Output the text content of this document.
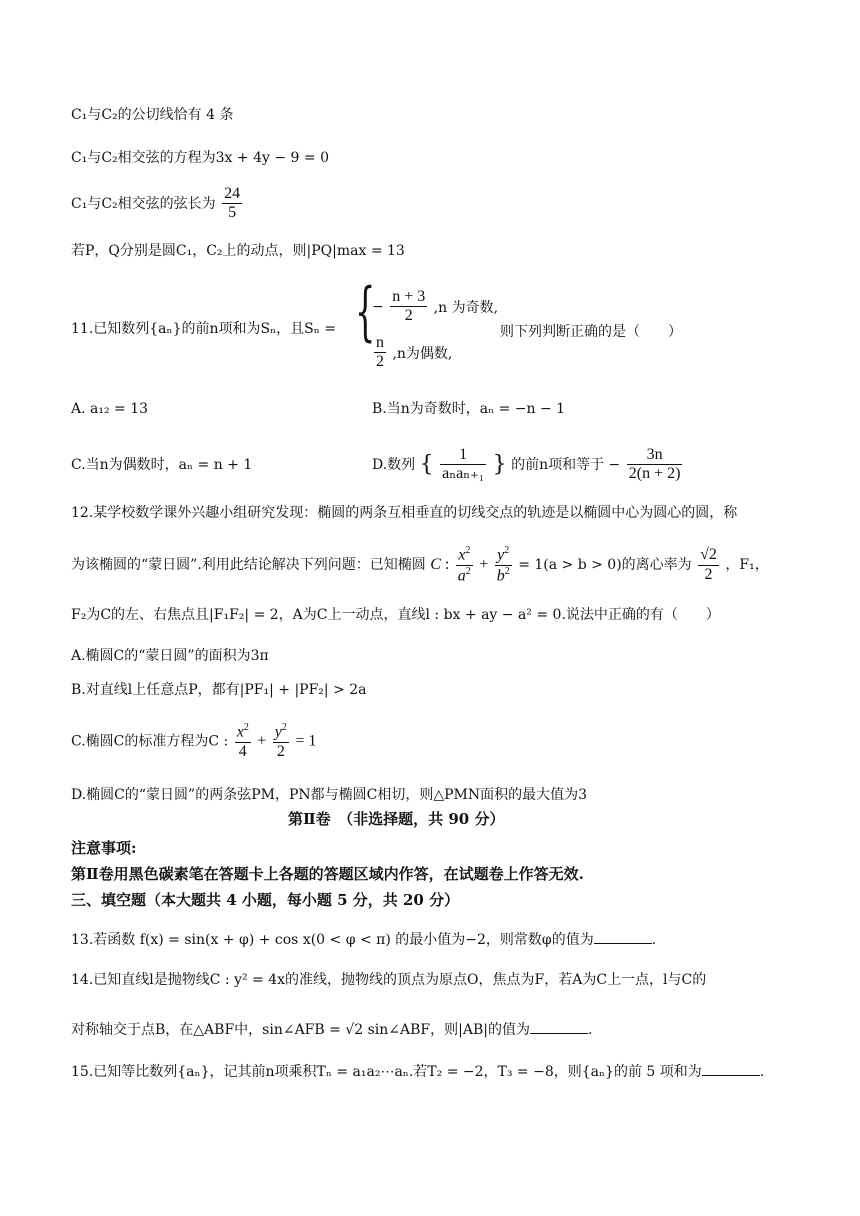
C₁与C₂的公切线恰有 4 条
C₁与C₂相交弦的方程为3x + 4y − 9 = 0
C₁与C₂相交弦的弦长为 $\frac{24}{5}$
若P，Q分别是圆C₁，C₂上的动点，则|PQ|max = 13
11.已知数列{aₙ}的前n项和为Sₙ，且Sₙ = {
− $\frac{n + 3}{2} ,n$ 为奇数,
$\frac{n}{2} ,n$为偶数,
则下列判断正确的是（　　）
A. a₁₂ = 13	B.当n为奇数时，aₙ = −n − 1
C.当n为偶数时，aₙ = n + 1	D.数列 { $\frac{1}{\text{aₙaₙ₊₁}}$ } 的前n项和等于 − $\frac{3n}{2(n + 2)}$
12.某学校数学课外兴趣小组研究发现：椭圆的两条互相垂直的切线交点的轨迹是以椭圆中心为圆心的圆，称
为该椭圆的“蒙日圆”.利用此结论解决下列问题：已知椭圆 C : $\frac{x^2}{a^2} + \frac{y^2}{b^2} = 1(a > b > 0)$的离心率为 $\frac{√2}{2}$ ，F₁，
F₂为C的左、右焦点且|F₁F₂| = 2，A为C上一动点，直线l : bx + ay − a² = 0.说法中正确的有（　　）
A.椭圆C的“蒙日圆”的面积为3π
B.对直线l上任意点P，都有|PF₁| + |PF₂| > 2a
C.椭圆C的标准方程为C : $\frac{x^2}{4} + \frac{y^2}{2} = 1$
D.椭圆C的“蒙日圆”的两条弦PM，PN都与椭圆C相切，则△PMN面积的最大值为3
第Ⅱ卷　（非选择题，共 90 分）
注意事项:
第Ⅱ卷用黑色碳素笔在答题卡上各题的答题区域内作答，在试题卷上作答无效.
三、填空题（本大题共 4 小题，每小题 5 分，共 20 分）
13.若函数 f(x) = sin(x + φ) + cos x(0 < φ < π) 的最小值为−2，则常数φ的值为	.
14.已知直线l是抛物线C : y² = 4x的准线，抛物线的顶点为原点O，焦点为F，若A为C上一点，l与C的
对称轴交于点B，在△ABF中，sin∠AFB = √2 sin∠ABF，则|AB|的值为	.
15.已知等比数列{aₙ}，记其前n项乘积Tₙ = a₁a₂⋯aₙ.若T₂ = −2，T₃ = −8，则{aₙ}的前 5 项和为	.
